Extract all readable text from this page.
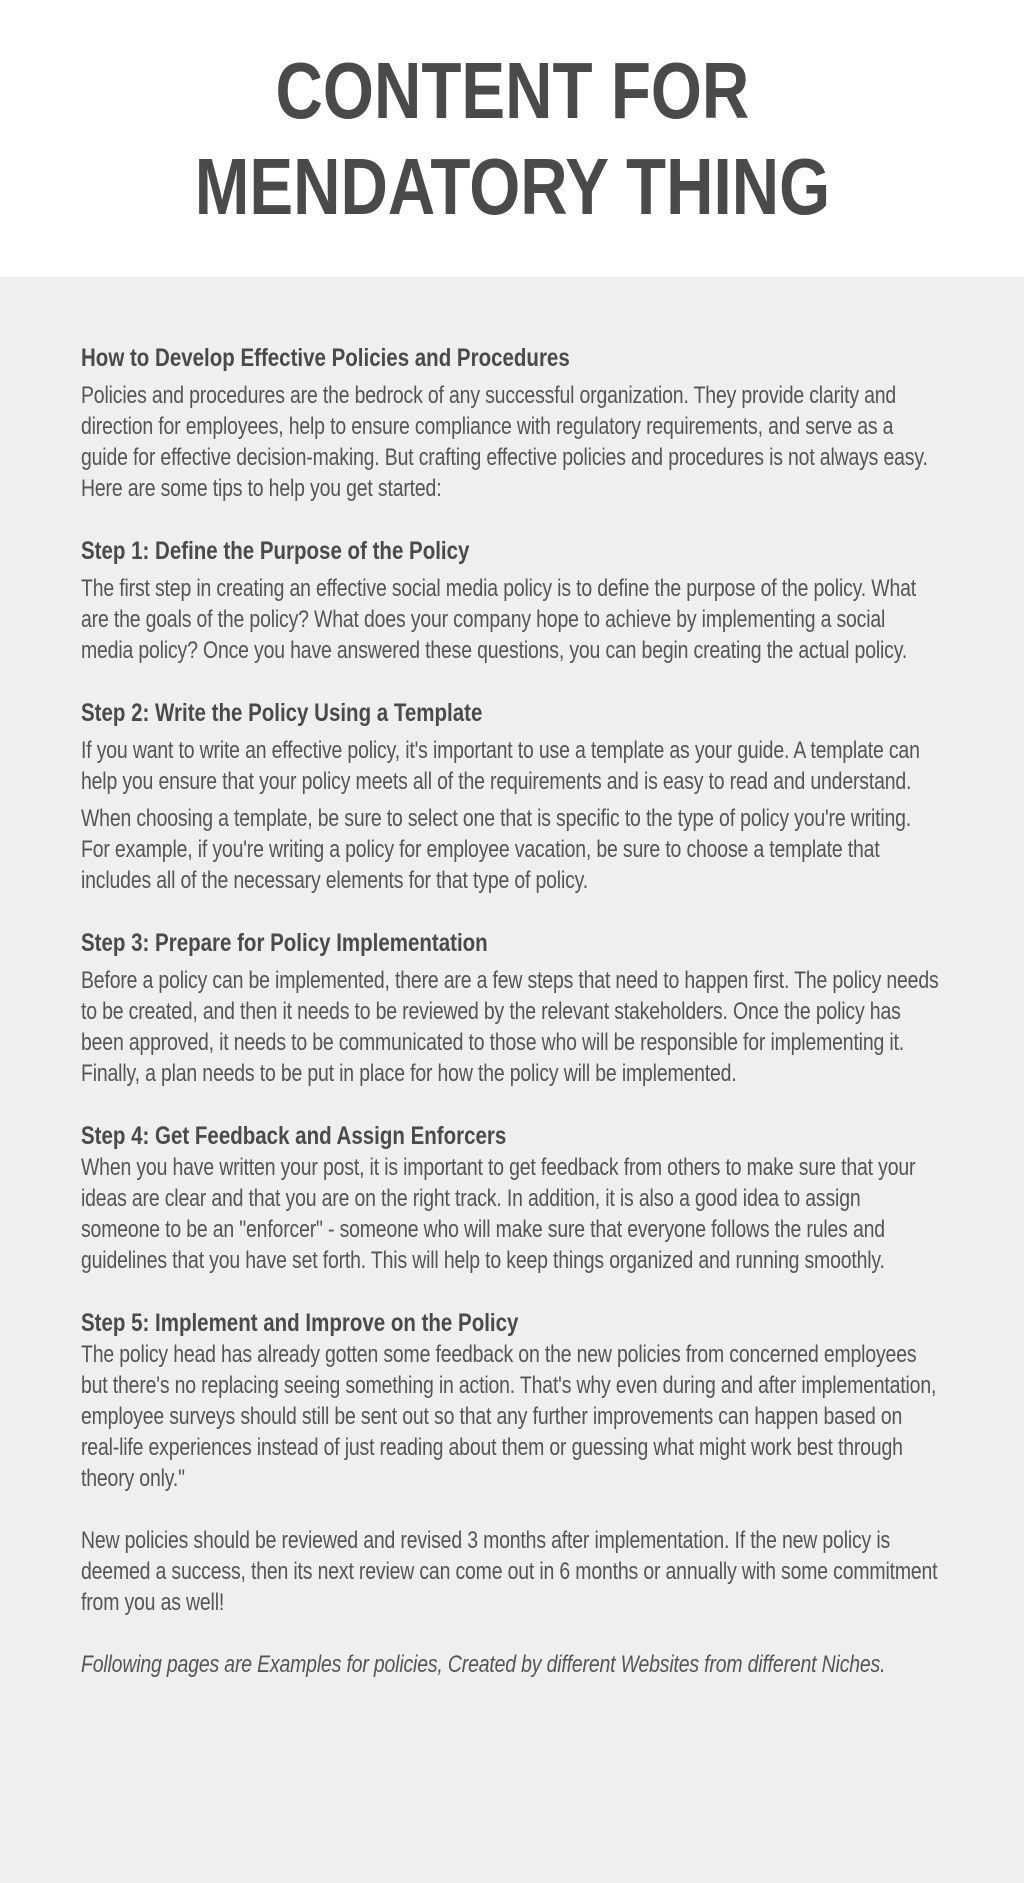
CONTENT FOR
MENDATORY THING
How to Develop Effective Policies and Procedures

Policies and procedures are the bedrock of any successful organization. They provide clarity and direction for employees, help to ensure compliance with regulatory requirements, and serve as a guide for effective decision-making. But crafting effective policies and procedures is not always easy. Here are some tips to help you get started:

Step 1: Define the Purpose of the Policy

The first step in creating an effective social media policy is to define the purpose of the policy. What are the goals of the policy? What does your company hope to achieve by implementing a social media policy? Once you have answered these questions, you can begin creating the actual policy.

Step 2: Write the Policy Using a Template

If you want to write an effective policy, it's important to use a template as your guide. A template can help you ensure that your policy meets all of the requirements and is easy to read and understand.

When choosing a template, be sure to select one that is specific to the type of policy you're writing. For example, if you're writing a policy for employee vacation, be sure to choose a template that includes all of the necessary elements for that type of policy.

Step 3: Prepare for Policy Implementation

Before a policy can be implemented, there are a few steps that need to happen first. The policy needs to be created, and then it needs to be reviewed by the relevant stakeholders. Once the policy has been approved, it needs to be communicated to those who will be responsible for implementing it. Finally, a plan needs to be put in place for how the policy will be implemented.

Step 4: Get Feedback and Assign Enforcers

When you have written your post, it is important to get feedback from others to make sure that your ideas are clear and that you are on the right track. In addition, it is also a good idea to assign someone to be an "enforcer" - someone who will make sure that everyone follows the rules and guidelines that you have set forth. This will help to keep things organized and running smoothly.

Step 5: Implement and Improve on the Policy

The policy head has already gotten some feedback on the new policies from concerned employees but there's no replacing seeing something in action. That's why even during and after implementation, employee surveys should still be sent out so that any further improvements can happen based on real-life experiences instead of just reading about them or guessing what might work best through theory only."

New policies should be reviewed and revised 3 months after implementation. If the new policy is deemed a success, then its next review can come out in 6 months or annually with some commitment from you as well!

Following pages are Examples for policies, Created by different Websites from different Niches.
